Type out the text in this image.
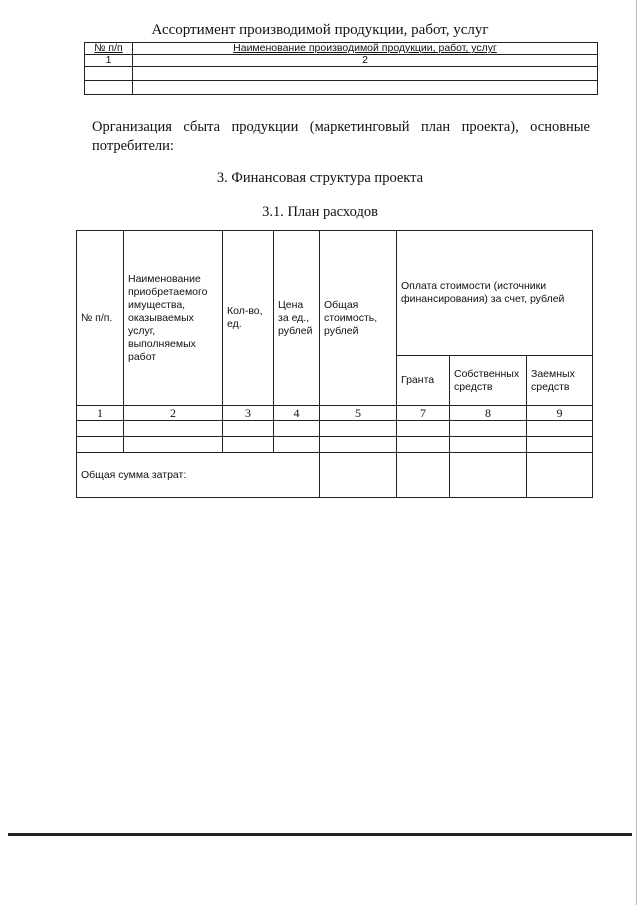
Ассортимент производимой продукции, работ, услуг
№ п/п	Наименование производимой продукции, работ, услуг
1	2

Организация сбыта продукции (маркетинговый план проекта), основные потребители:
3. Финансовая структура проекта
3.1. План расходов
№ п/п.	Наименование приобретаемого имущества, оказываемых услуг, выполняемых работ	Кол-во, ед.	Цена за ед., рублей	Общая стоимость, рублей	Оплата стоимости (источники финансирования) за счет, рублей		
					Гранта	Собственных средств	Заемных средств
1	2	3	4	5	7	8	9

Общая сумма затрат:							
